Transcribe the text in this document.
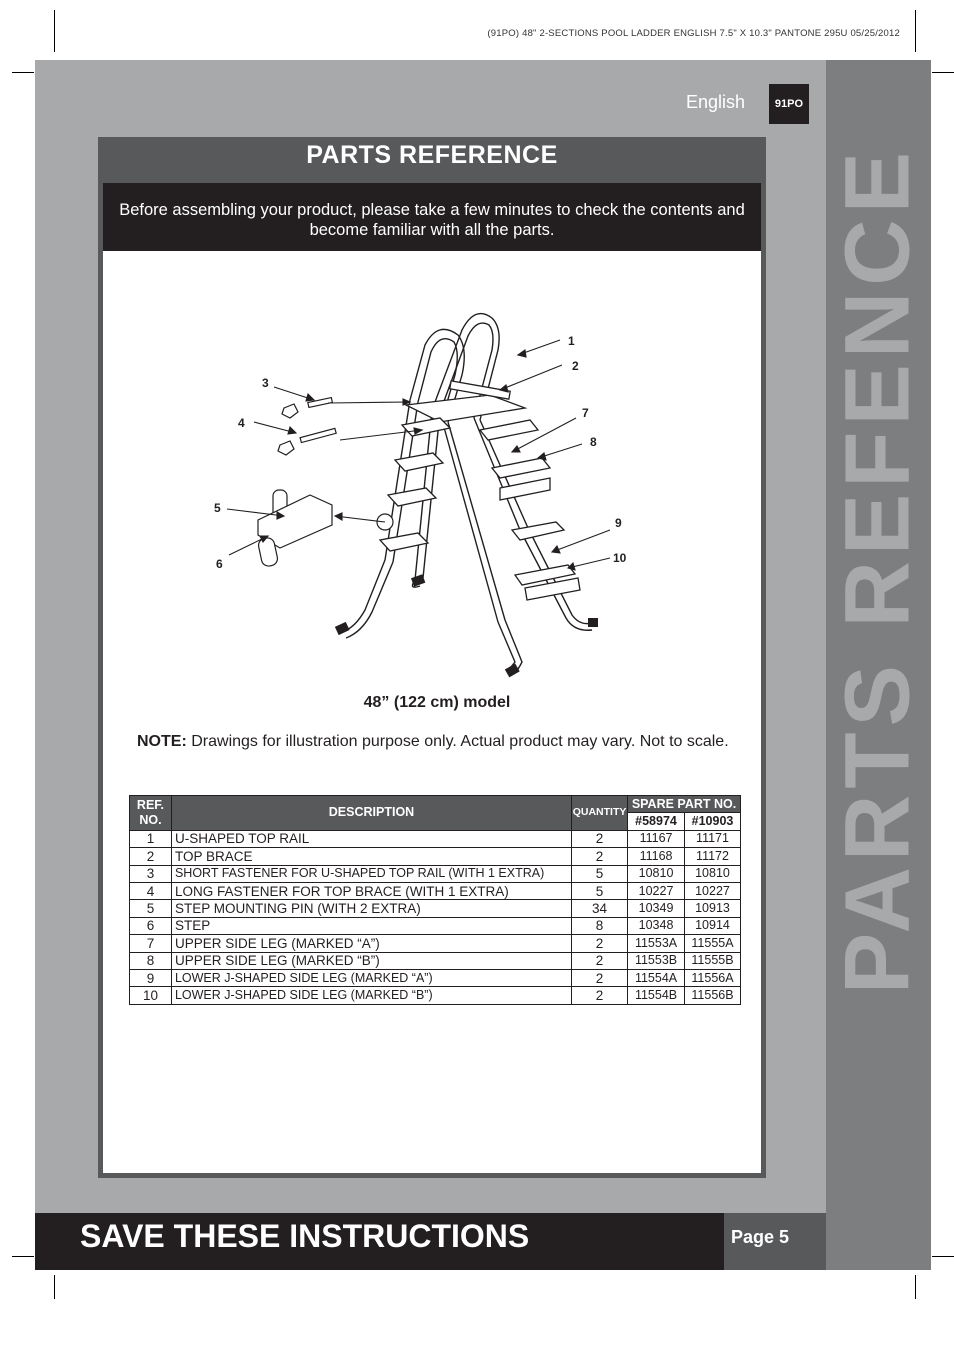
(91PO) 48" 2-SECTIONS POOL LADDER ENGLISH 7.5" X 10.3" PANTONE 295U 05/25/2012
PARTS REFENCE
English	91PO
PARTS REFERENCE
Before assembling your product, please take a few minutes to check the contents and become familiar with all the parts.
1
2
3
4
5
6
7
8
9
10
48” (122 cm) model
NOTE: Drawings for illustration purpose only. Actual product may vary. Not to scale.
REF. NO.	DESCRIPTION	QUANTITY	SPARE PART NO.	
			#58974	#10903
1	U-SHAPED TOP RAIL	2	11167	11171
2	TOP BRACE	2	11168	11172
3	SHORT FASTENER FOR U-SHAPED TOP RAIL (WITH 1 EXTRA)	5	10810	10810
4	LONG FASTENER FOR TOP BRACE (WITH 1 EXTRA)	5	10227	10227
5	STEP MOUNTING PIN (WITH 2 EXTRA)	34	10349	10913
6	STEP	8	10348	10914
7	UPPER SIDE LEG (MARKED “A”)	2	11553A	11555A
8	UPPER SIDE LEG (MARKED “B”)	2	11553B	11555B
9	LOWER J-SHAPED SIDE LEG (MARKED “A”)	2	11554A	11556A
10	LOWER J-SHAPED SIDE LEG (MARKED “B”)	2	11554B	11556B
SAVE THESE INSTRUCTIONS	Page 5
